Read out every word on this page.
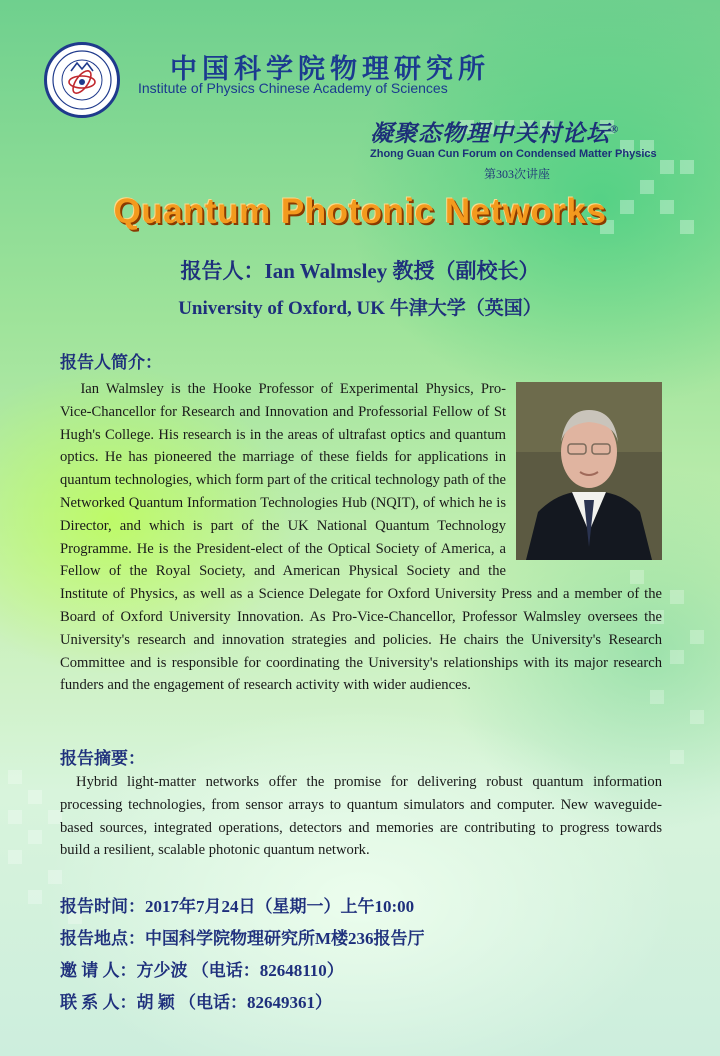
中国科学院物理研究所
Institute of Physics Chinese Academy of Sciences
凝聚态物理中关村论坛®
Zhong Guan Cun Forum on Condensed Matter Physics
第303次讲座
Quantum Photonic Networks
报告人：Ian Walmsley 教授（副校长）
University of Oxford, UK 牛津大学（英国）
报告人简介：

Ian Walmsley is the Hooke Professor of Experimental Physics, Pro-Vice-Chancellor for Research and Innovation and Professorial Fellow of St Hugh's College. His research is in the areas of ultrafast optics and quantum optics. He has pioneered the marriage of these fields for applications in quantum technologies, which form part of the critical technology path of the Networked Quantum Information Technologies Hub (NQIT), of which he is Director, and which is part of the UK National Quantum Technology Programme. He is the President-elect of the Optical Society of America, a Fellow of the Royal Society, and American Physical Society and the Institute of Physics, as well as a Science Delegate for Oxford University Press and a member of the Board of Oxford University Innovation. As Pro-Vice-Chancellor, Professor Walmsley oversees the University's research and innovation strategies and policies. He chairs the University's Research Committee and is responsible for coordinating the University's relationships with its major research funders and the engagement of research activity with wider audiences.

报告摘要：

Hybrid light-matter networks offer the promise for delivering robust quantum information processing technologies, from sensor arrays to quantum simulators and computer. New waveguide-based sources, integrated operations, detectors and memories are contributing to progress towards build a resilient, scalable photonic quantum network.

报告时间：2017年7月24日（星期一）上午10:00
报告地点：中国科学院物理研究所M楼236报告厅
邀 请 人：方少波 （电话：82648110）
联 系 人：胡 颖 （电话：82649361）
